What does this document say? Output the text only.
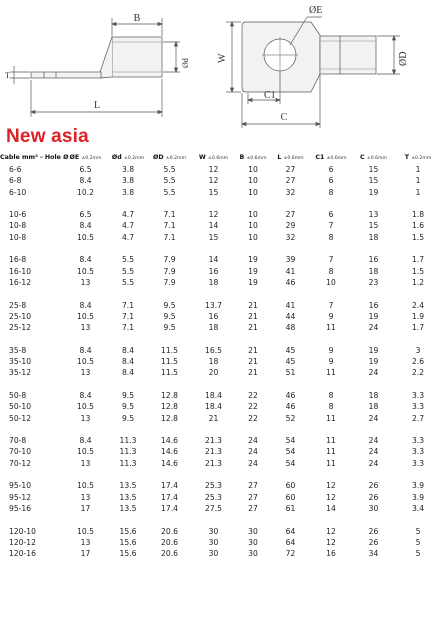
B
L
T
Ød
ØE
C1
C
W	ØD
New asia
Cable mm² - Hole Ø	ØE ±0.2mm	Ød ±0.2mm	ØD ±0.2mm	W ±0.6mm	B ±0.6mm	L ±0.6mm	C1 ±0.6mm	C ±0.6mm	T ±0.2mm
6-6	6.5	3.8	5.5	12	10	27	6	15	1
6-8	8.4	3.8	5.5	12	10	27	6	15	1
6-10	10.2	3.8	5.5	15	10	32	8	19	1

10-6	6.5	4.7	7.1	12	10	27	6	13	1.8
10-8	8.4	4.7	7.1	14	10	29	7	15	1.6
10-8	10.5	4.7	7.1	15	10	32	8	18	1.5

16-8	8.4	5.5	7.9	14	19	39	7	16	1.7
16-10	10.5	5.5	7.9	16	19	41	8	18	1.5
16-12	13	5.5	7.9	18	19	46	10	23	1.2

25-8	8.4	7.1	9.5	13.7	21	41	7	16	2.4
25-10	10.5	7.1	9.5	16	21	44	9	19	1.9
25-12	13	7.1	9.5	18	21	48	11	24	1.7

35-8	8.4	8.4	11.5	16.5	21	45	9	19	3
35-10	10.5	8.4	11.5	18	21	45	9	19	2.6
35-12	13	8.4	11.5	20	21	51	11	24	2.2

50-8	8.4	9.5	12.8	18.4	22	46	8	18	3.3
50-10	10.5	9.5	12.8	18.4	22	46	8	18	3.3
50-12	13	9.5	12.8	21	22	52	11	24	2.7

70-8	8.4	11.3	14.6	21.3	24	54	11	24	3.3
70-10	10.5	11.3	14.6	21.3	24	54	11	24	3.3
70-12	13	11.3	14.6	21.3	24	54	11	24	3.3

95-10	10.5	13.5	17.4	25.3	27	60	12	26	3.9
95-12	13	13.5	17.4	25.3	27	60	12	26	3.9
95-16	17	13.5	17.4	27.5	27	61	14	30	3.4

120-10	10.5	15.6	20.6	30	30	64	12	26	5
120-12	13	15.6	20.6	30	30	64	12	26	5
120-16	17	15.6	20.6	30	30	72	16	34	5
